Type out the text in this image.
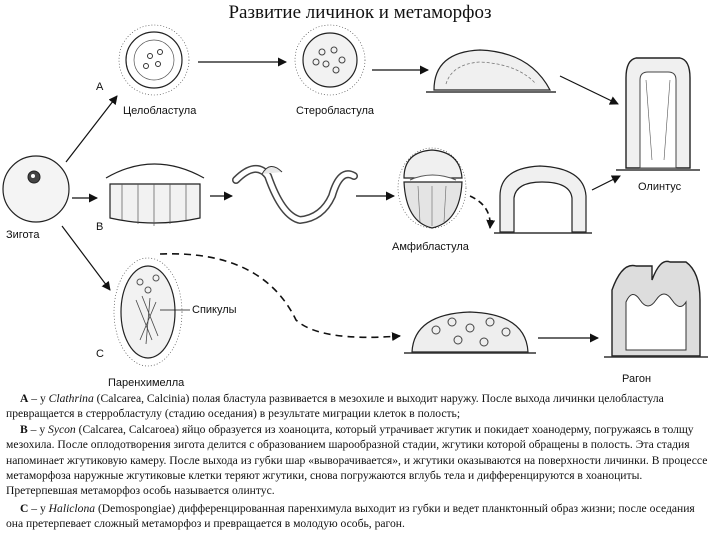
Развитие личинок и метаморфоз
Зигота
А
В
С
Целобластула	Стеробластула
Олинтус
Амфибластула
Спикулы
Паренхимелла	Рагон
А – у Clathrina (Calcarea, Calcinia) полая бластула развивается в мезохиле и выходит наружу. После выхода личинки целобластула превращается в стерробластулу (стадию оседания) в результате миграции клеток в полость;
В – у Sycon (Calcarea, Calcaroea) яйцо образуется из хоаноцита, который утрачивает жгутик и покидает хоанодерму, погружаясь в толщу мезохила. После оплодотворения зигота делится с образованием шарообразной стадии, жгутики которой обращены в полость. Эта стадия напоминает жгутиковую камеру. После выхода из губки шар «выворачивается», и жгутики оказываются на поверхности личинки. В процессе метаморфоза наружные жгутиковые клетки теряют жгутики, снова погружаются вглубь тела и дифференцируются в хоаноциты. Претерпевшая метаморфоз особь называется олинтус.
С – у Haliclona (Demospongiae) дифференцированная паренхимула выходит из губки и ведет планктонный образ жизни; после оседания она претерпевает сложный метаморфоз и превращается в молодую особь, рагон.
